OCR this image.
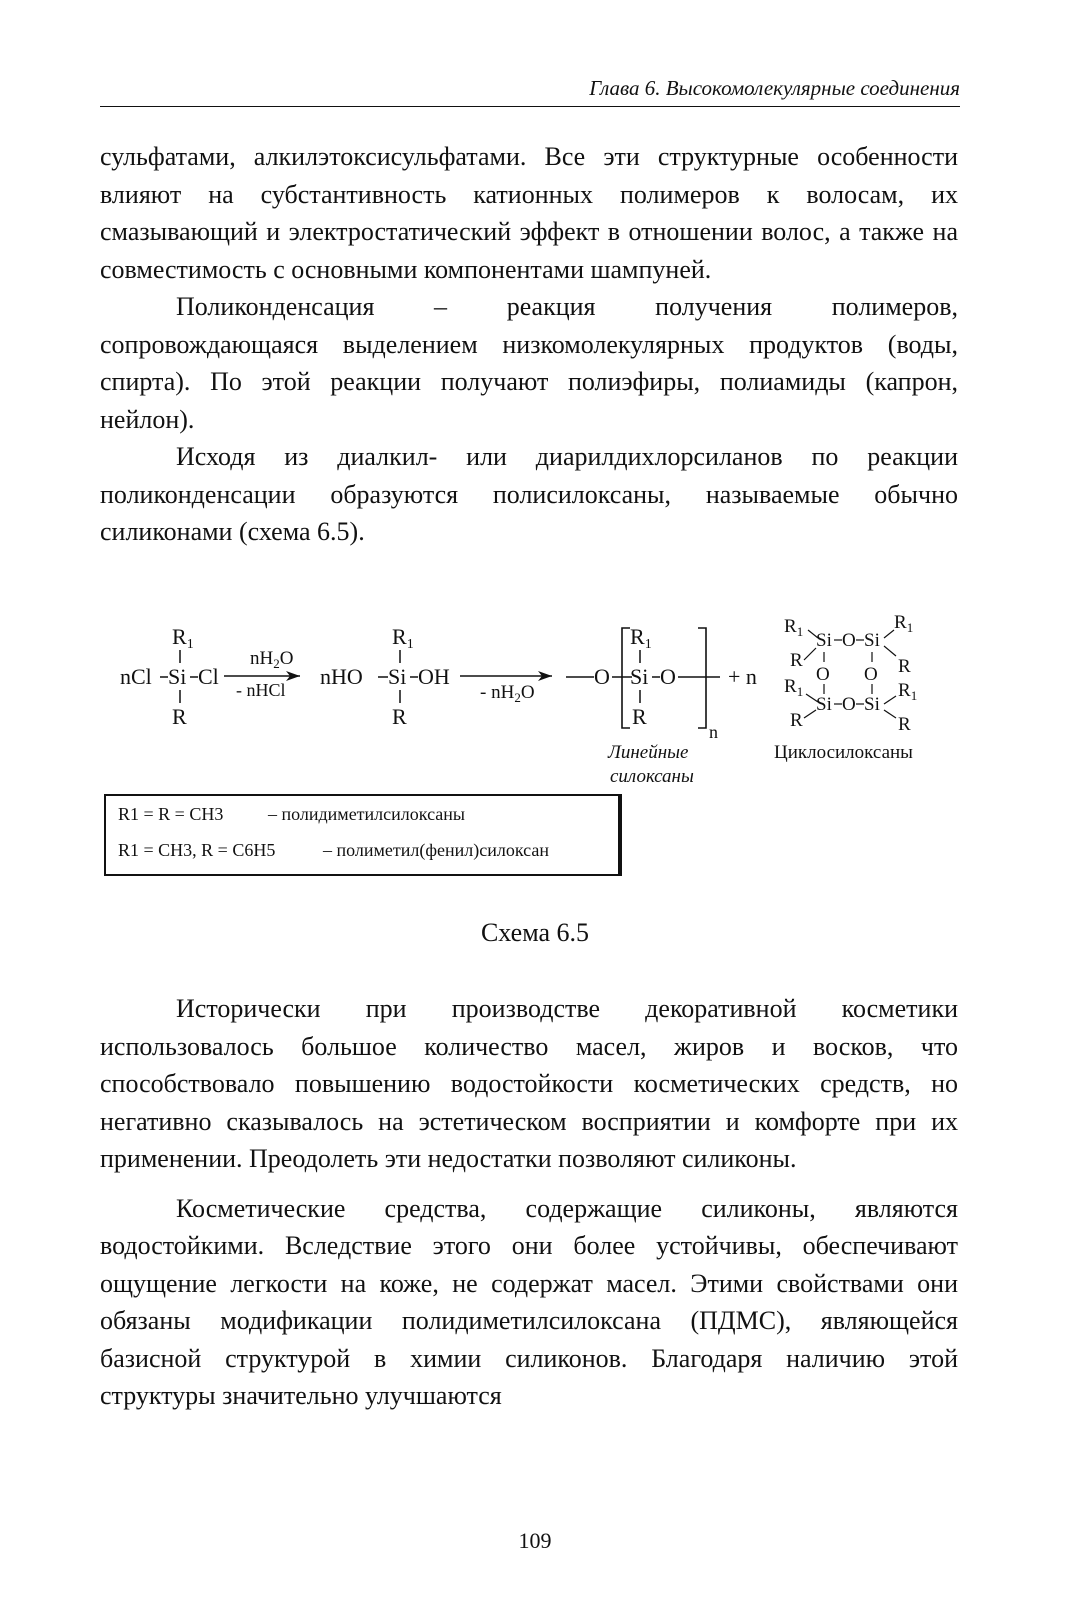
Глава 6. Высокомолекулярные соединения

сульфатами, алкилэтоксисульфатами. Все эти структурные особенности влияют на субстантивность катионных полимеров к волосам, их смазывающий и электростатический эффект в отношении волос, а также на совместимость с основными компонентами шампуней.

Поликонденсация – реакция получения полимеров, сопровождающаяся выделением низкомолекулярных продуктов (воды, спирта). По этой реакции получают полиэфиры, полиамиды (капрон, нейлон).

Исходя из диалкил- или диарилдихлорсиланов по реакции поликонденсации образуются полисилоксаны, называемые обычно силиконами (схема 6.5).

R1
nCl Si Cl
R
$nH_2O$
- nHCl
R1
nHO Si OH
R
- $nH_2O$
O
R1
Si O
R
n
+ n
$R_1$ Si O Si
$R_1$
R	R
O O
$R_1$	$R_1$
Si O Si
R	R
Линейные
силоксаны
Циклосилоксаны
R1 = R = CH3 – полидиметилсилоксаны
R1 = CH3, R = C6H5	– полиметил(фенил)силоксан
Схема 6.5

Исторически при производстве декоративной косметики использовалось большое количество масел, жиров и восков, что способствовало повышению водостойкости косметических средств, но негативно сказывалось на эстетическом восприятии и комфорте при их применении. Преодолеть эти недостатки позволяют силиконы.

Косметические средства, содержащие силиконы, являются водостойкими. Вследствие этого они более устойчивы, обеспечивают ощущение легкости на коже, не содержат масел. Этими свойствами они обязаны модификации полидиметилсилоксана (ПДМС), являющейся базисной структурой в химии силиконов. Благодаря наличию этой структуры значительно улучшаются

109
